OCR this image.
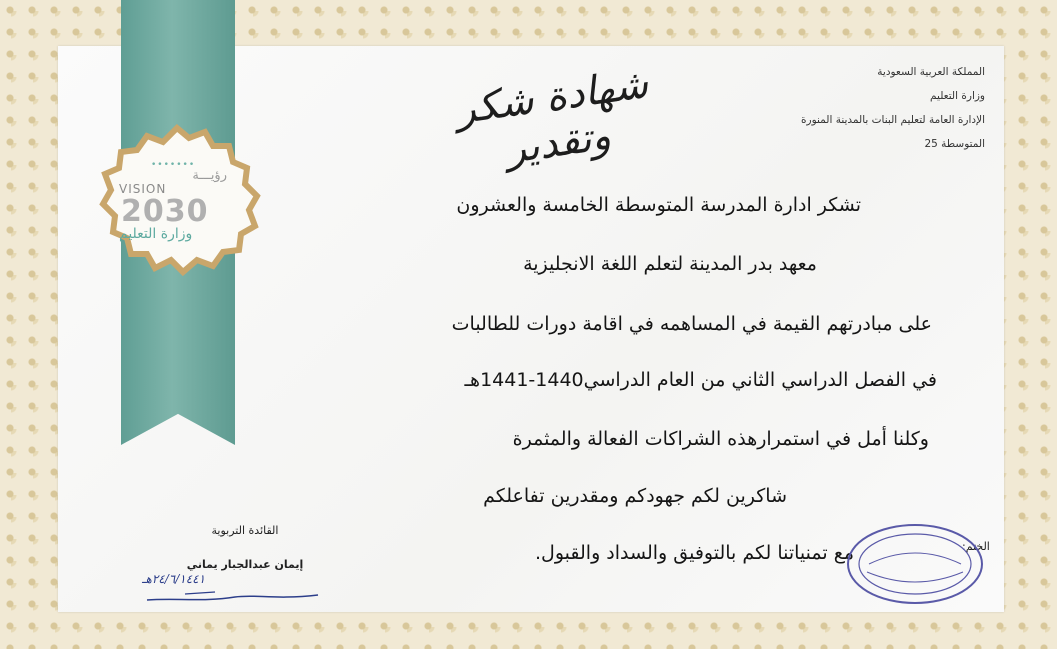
•••••••
رؤيـــة
VISION
2030
وزارة التعليم
المملكة العربية السعودية
وزارة التعليم
الإدارة العامة لتعليم البنات بالمدينة المنورة
المتوسطة 25
شهادة شكر وتقدير
تشكر ادارة المدرسة المتوسطة الخامسة والعشرون
معهد بدر المدينة لتعلم اللغة الانجليزية
على مبادرتهم القيمة في المساهمه في اقامة دورات للطالبات
في الفصل الدراسي الثاني من العام الدراسي1440-1441هـ
وكلنا أمل في استمرارهذه الشراكات الفعالة والمثمرة
شاكرين لكم جهودكم ومقدرين تفاعلكم
مع تمنياتنا لكم بالتوفيق والسداد والقبول.
القائدة التربوية
إيمان عبدالجبار يماني
٢٤/٦/١٤٤١هـ
الختم:
